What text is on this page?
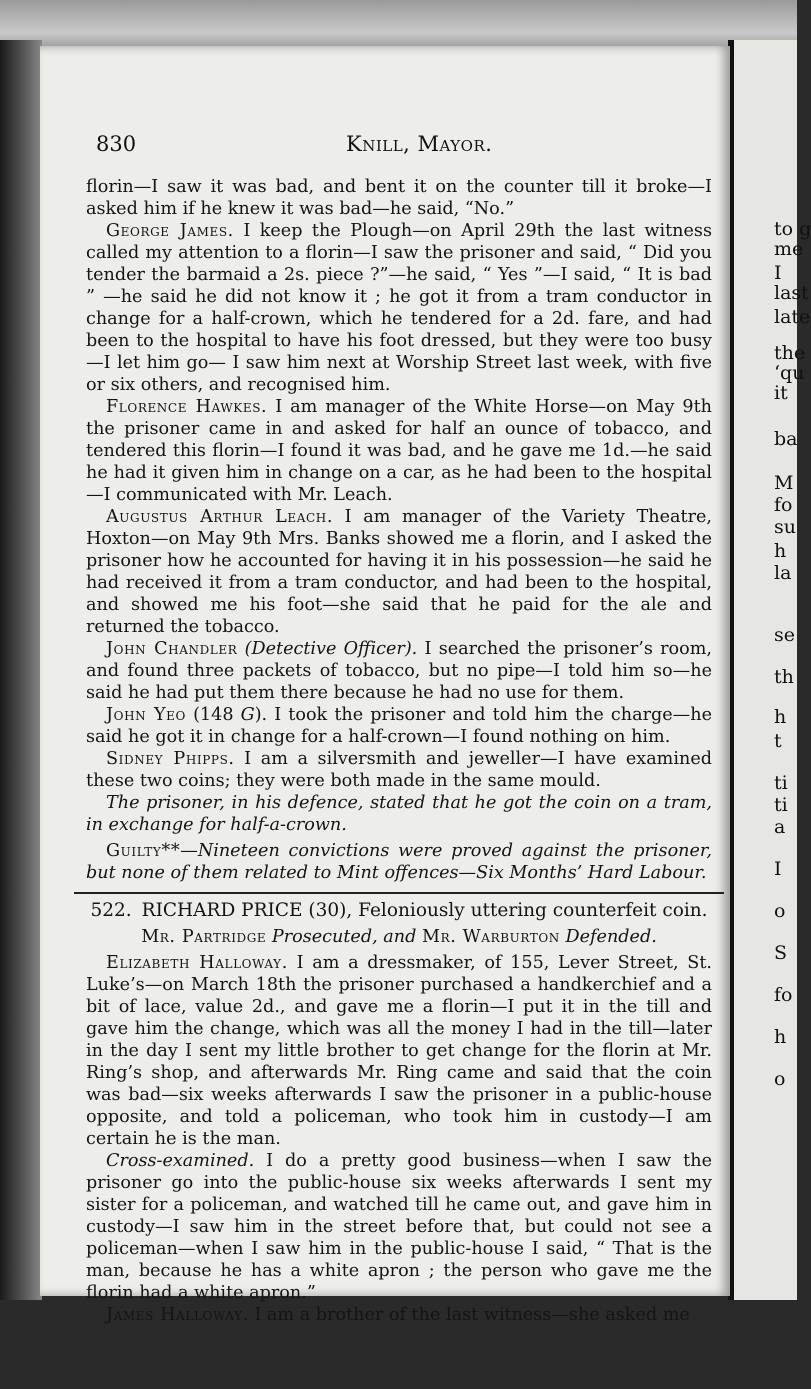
to g
me
I
last
late
the
‘qu
it
ba
M
fo
su
h
la
se
th
h
t
ti
ti
a
I
o
S
fo
h
o
830	Knill, Mayor.

florin—I saw it was bad, and bent it on the counter till it broke—I asked him if he knew it was bad—he said, “No.”

George James. I keep the Plough—on April 29th the last witness called my attention to a florin—I saw the prisoner and said, “ Did you tender the barmaid a 2s. piece ?”—he said, “ Yes ”—I said, “ It is bad ” —he said he did not know it ; he got it from a tram conductor in change for a half-crown, which he tendered for a 2d. fare, and had been to the hospital to have his foot dressed, but they were too busy—I let him go— I saw him next at Worship Street last week, with five or six others, and recognised him.

Florence Hawkes. I am manager of the White Horse—on May 9th the prisoner came in and asked for half an ounce of tobacco, and tendered this florin—I found it was bad, and he gave me 1d.—he said he had it given him in change on a car, as he had been to the hospital—I communicated with Mr. Leach.

Augustus Arthur Leach. I am manager of the Variety Theatre, Hoxton—on May 9th Mrs. Banks showed me a florin, and I asked the prisoner how he accounted for having it in his possession—he said he had received it from a tram conductor, and had been to the hospital, and showed me his foot—she said that he paid for the ale and returned the tobacco.

John Chandler (Detective Officer). I searched the prisoner’s room, and found three packets of tobacco, but no pipe—I told him so—he said he had put them there because he had no use for them.

John Yeo (148 G). I took the prisoner and told him the charge—he said he got it in change for a half-crown—I found nothing on him.

Sidney Phipps. I am a silversmith and jeweller—I have examined these two coins; they were both made in the same mould.

The prisoner, in his defence, stated that he got the coin on a tram, in exchange for half-a-crown.

Guilty**—Nineteen convictions were proved against the prisoner, but none of them related to Mint offences—Six Months’ Hard Labour.

522. RICHARD PRICE (30), Feloniously uttering counterfeit coin.
Mr. Partridge Prosecuted, and Mr. Warburton Defended.

Elizabeth Halloway. I am a dressmaker, of 155, Lever Street, St. Luke’s—on March 18th the prisoner purchased a handkerchief and a bit of lace, value 2d., and gave me a florin—I put it in the till and gave him the change, which was all the money I had in the till—later in the day I sent my little brother to get change for the florin at Mr. Ring’s shop, and afterwards Mr. Ring came and said that the coin was bad—six weeks afterwards I saw the prisoner in a public-house opposite, and told a policeman, who took him in custody—I am certain he is the man.

Cross-examined. I do a pretty good business—when I saw the prisoner go into the public-house six weeks afterwards I sent my sister for a policeman, and watched till he came out, and gave him in custody—I saw him in the street before that, but could not see a policeman—when I saw him in the public-house I said, “ That is the man, because he has a white apron ; the person who gave me the florin had a white apron.”

James Halloway. I am a brother of the last witness—she asked me
